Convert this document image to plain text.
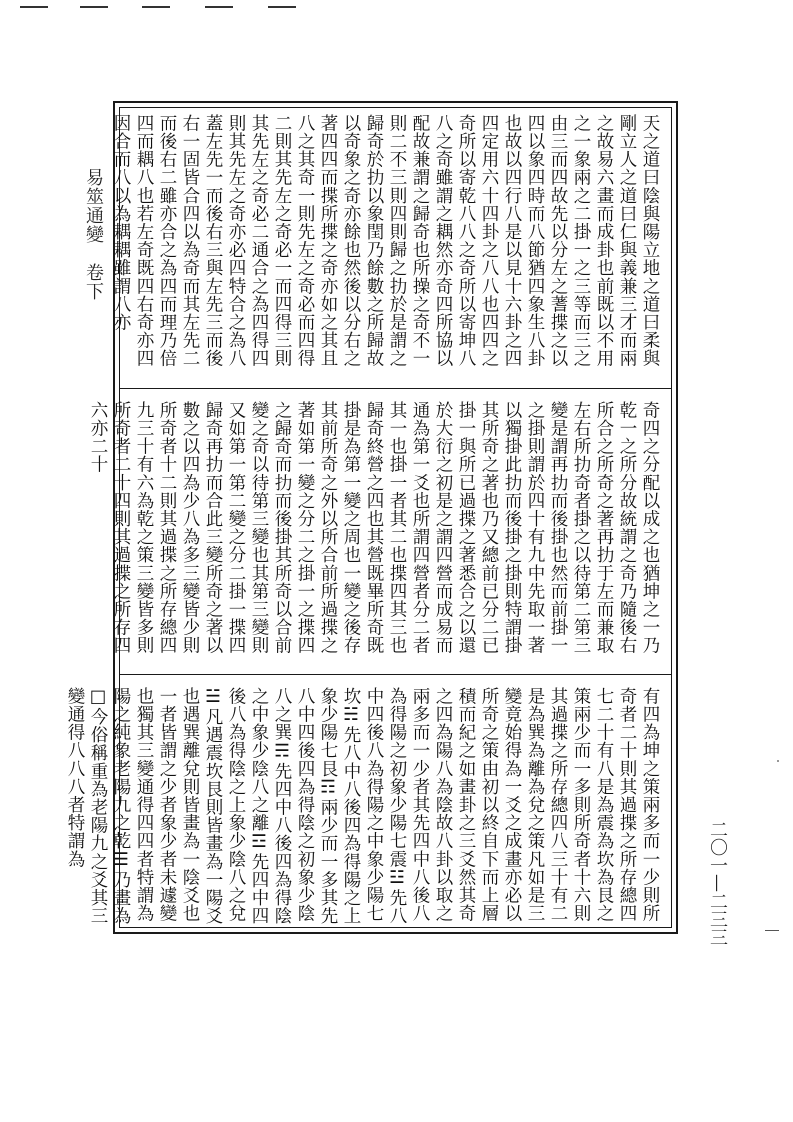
易筮通變　卷下	天之道曰陰與陽立地之道曰柔與剛立人之道曰仁與義兼三才而兩之故易六畫而成卦也前既以不用之一象兩之二掛一之三等而三之由三而四故先以分左之蓍揲之以四以象四時而八節猶四象生八卦也故以四行八是以見十六卦之四四定用六十四卦之八八也四四之奇所以寄乾八八之奇所以寄坤八八之奇雖謂之耦然亦奇四所協以配故兼謂之歸奇也所操之奇不一則二不三則四則歸之扐於是謂之歸奇於扐以象閏乃餘數之所歸故以奇象之奇亦餘也然後以分右之著四四而揲所揲之奇亦如之其且八之其奇一則先左之奇必而四得二則其先左之奇必一而四得三則其先左之奇必二通合之為四得四則其先左之奇亦必四特合之為八蓋左先一而後右三與左先三而後右一固皆合四以為奇而其左先二而後右二雖亦合之為四而理乃倍四而耦八也若左奇既四右奇亦四因合而八以為耦耦雖謂八亦

奇四之分配以成之也猶坤之一乃乾一之所分故統謂之奇乃隨後右所合之所奇之著再扐于左而兼取左右所扐奇者掛之以待第二第三變是謂再扐而後掛也然而前掛一之掛則謂於四十有九中先取一著以獨掛此扐而後掛之掛則特謂掛其所奇之著也乃又總前已分二已掛一與所已過揲之著悉合之以還於大衍之初是之謂四營而成易而通為第一爻也所謂四營者分二者其一也掛一者其二也揲四其三也歸奇終營之四也其營既畢所奇既掛是為第一變之周也一變之後存其前所奇之外以所合前所過揲之著如第一變之分二之掛一之揲四之歸奇而扐而後掛其所奇以合前變之奇以待第三變也其第三變則又如第一第二變之分二掛一揲四歸奇再扐而合此三變所奇之著以數之以四為少八為多三變皆少則所奇者十二則其過揲之所存總四九三十有六為乾之策三變皆多則所奇者二十四則其過揲之所存四六亦二十

有四為坤之策兩多而一少則所奇者二十則其過揲之所存總四七二十有八是為震為坎為艮之策兩少而一多則所奇者十六則其過揲之所存總四八三十有二是為巽為離為兌之策凡如是三變竟始得為一爻之成畫亦必以所奇之策由初以終自下而上層積而紀之如畫卦之三爻然其奇之四為陽八為陰故八卦以取之兩多而一少者其先四中八後八為得陽之初象少陽七震☳先八中四後八為得陽之中象少陽七坎☵先八中八後四為得陽之上象少陽七艮☶兩少而一多其先八中四後四為得陰之初象少陰八之巽☴先四中八後四為得陰之中象少陰八之離☲先四中四後八為得陰之上象少陰八之兌☱凡遇震坎艮則皆畫為一陽爻也遇巽離兌則皆畫為一陰爻也一者皆謂之少者象少者未遽變也獨其三變通得四四者特謂為陽之純象老陽九之乾☰乃畫為□今俗稱重為老陽九之爻其三變通得八八八者特謂為

二〇一—二三三
